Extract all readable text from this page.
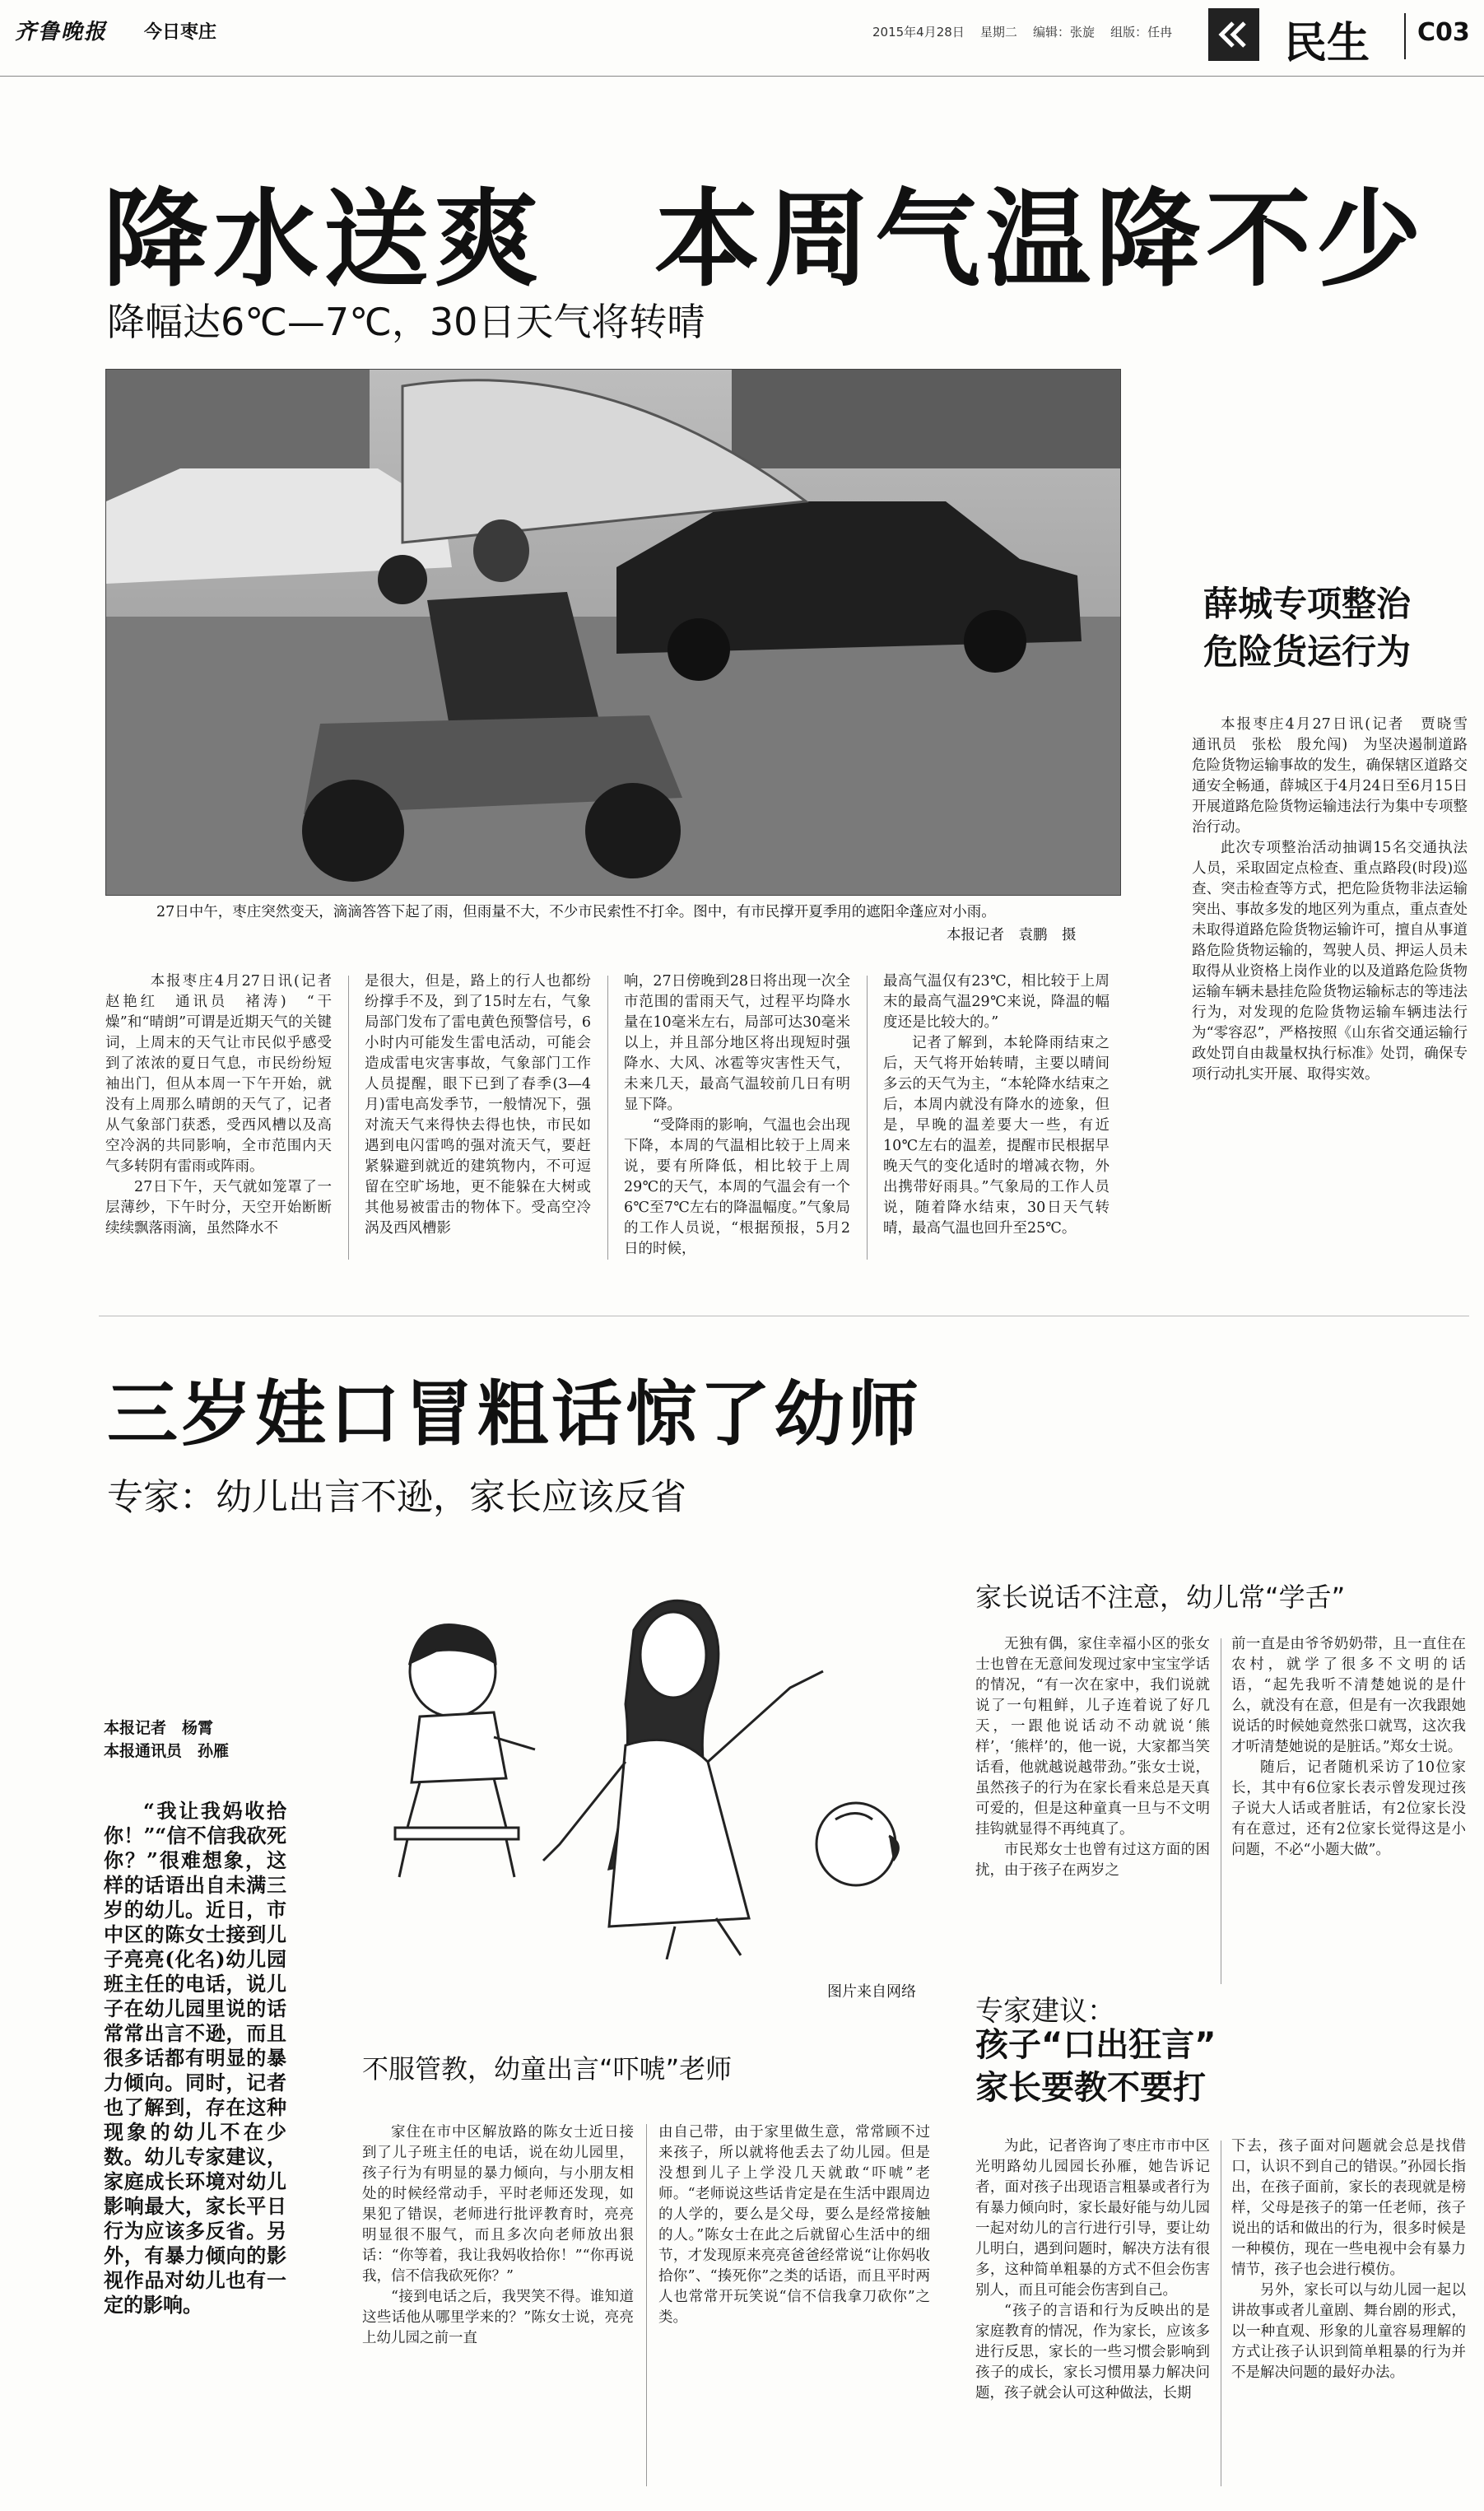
齐鲁晚报 今日枣庄	2015年4月28日 星期二 编辑：张旋 组版：任冉	民生 C03
降水送爽　本周气温降不少
降幅达6℃—7℃，30日天气将转晴
27日中午，枣庄突然变天，滴滴答答下起了雨，但雨量不大，不少市民索性不打伞。图中，有市民撑开夏季用的遮阳伞蓬应对小雨。
本报记者　袁鹏　摄

　本报枣庄4月27日讯(记者　赵艳红　通讯员　褚涛)　“干燥”和“晴朗”可谓是近期天气的关键词，上周末的天气让市民似乎感受到了浓浓的夏日气息，市民纷纷短袖出门，但从本周一下午开始，就没有上周那么晴朗的天气了，记者从气象部门获悉，受西风槽以及高空冷涡的共同影响，全市范围内天气多转阴有雷雨或阵雨。

27日下午，天气就如笼罩了一层薄纱，下午时分，天空开始断断续续飘落雨滴，虽然降水不

是很大，但是，路上的行人也都纷纷撑手不及，到了15时左右，气象局部门发布了雷电黄色预警信号，6小时内可能发生雷电活动，可能会造成雷电灾害事故，气象部门工作人员提醒，眼下已到了春季(3—4月)雷电高发季节，一般情况下，强对流天气来得快去得也快，市民如遇到电闪雷鸣的强对流天气，要赶紧躲避到就近的建筑物内，不可逗留在空旷场地，更不能躲在大树或其他易被雷击的物体下。受高空冷涡及西风槽影

响，27日傍晚到28日将出现一次全市范围的雷雨天气，过程平均降水量在10毫米左右，局部可达30毫米以上，并且部分地区将出现短时强降水、大风、冰雹等灾害性天气，未来几天，最高气温较前几日有明显下降。

“受降雨的影响，气温也会出现下降，本周的气温相比较于上周来说，要有所降低，相比较于上周29℃的天气，本周的气温会有一个6℃至7℃左右的降温幅度。”气象局的工作人员说，“根据预报，5月2日的时候，

最高气温仅有23℃，相比较于上周末的最高气温29℃来说，降温的幅度还是比较大的。”

记者了解到，本轮降雨结束之后，天气将开始转晴，主要以晴间多云的天气为主，“本轮降水结束之后，本周内就没有降水的迹象，但是，早晚的温差要大一些，有近10℃左右的温差，提醒市民根据早晚天气的变化适时的增减衣物，外出携带好雨具。”气象局的工作人员说，随着降水结束，30日天气转晴，最高气温也回升至25℃。

薛城专项整治
危险货运行为

本报枣庄4月27日讯(记者　贾晓雪　通讯员　张松　殷允闯)　为坚决遏制道路危险货物运输事故的发生，确保辖区道路交通安全畅通，薛城区于4月24日至6月15日开展道路危险货物运输违法行为集中专项整治行动。

此次专项整治活动抽调15名交通执法人员，采取固定点检查、重点路段(时段)巡查、突击检查等方式，把危险货物非法运输突出、事故多发的地区列为重点，重点查处未取得道路危险货物运输许可，擅自从事道路危险货物运输的，驾驶人员、押运人员未取得从业资格上岗作业的以及道路危险货物运输车辆未悬挂危险货物运输标志的等违法行为，对发现的危险货物运输车辆违法行为“零容忍”，严格按照《山东省交通运输行政处罚自由裁量权执行标准》处罚，确保专项行动扎实开展、取得实效。

三岁娃口冒粗话惊了幼师
专家：幼儿出言不逊，家长应该反省
本报记者　杨霄
本报通讯员　孙雁

“我让我妈收拾你！”“信不信我砍死你？”很难想象，这样的话语出自未满三岁的幼儿。近日，市中区的陈女士接到儿子亮亮(化名)幼儿园班主任的电话，说儿子在幼儿园里说的话常常出言不逊，而且很多话都有明显的暴力倾向。同时，记者也了解到，存在这种现象的幼儿不在少数。幼儿专家建议，家庭成长环境对幼儿影响最大，家长平日行为应该多反省。另外，有暴力倾向的影视作品对幼儿也有一定的影响。

图片来自网络
不服管教，幼童出言“吓唬”老师

家住在市中区解放路的陈女士近日接到了儿子班主任的电话，说在幼儿园里，孩子行为有明显的暴力倾向，与小朋友相处的时候经常动手，平时老师还发现，如果犯了错误，老师进行批评教育时，亮亮明显很不服气，而且多次向老师放出狠话：“你等着，我让我妈收拾你！”“你再说我，信不信我砍死你？”

“接到电话之后，我哭笑不得。谁知道这些话他从哪里学来的？”陈女士说，亮亮上幼儿园之前一直

由自己带，由于家里做生意，常常顾不过来孩子，所以就将他丢去了幼儿园。但是没想到儿子上学没几天就敢“吓唬”老师。“老师说这些话肯定是在生活中跟周边的人学的，要么是父母，要么是经常接触的人。”陈女士在此之后就留心生活中的细节，才发现原来亮亮爸爸经常说“让你妈收拾你”、“揍死你”之类的话语，而且平时两人也常常开玩笑说“信不信我拿刀砍你”之类。

家长说话不注意，幼儿常“学舌”

无独有偶，家住幸福小区的张女士也曾在无意间发现过家中宝宝学话的情况，“有一次在家中，我们说就说了一句粗鲜，儿子连着说了好几天，一跟他说话动不动就说‘熊样’，‘熊样’的，他一说，大家都当笑话看，他就越说越带劲。”张女士说，虽然孩子的行为在家长看来总是天真可爱的，但是这种童真一旦与不文明挂钩就显得不再纯真了。

市民郑女士也曾有过这方面的困扰，由于孩子在两岁之

前一直是由爷爷奶奶带，且一直住在农村，就学了很多不文明的话语，“起先我听不清楚她说的是什么，就没有在意，但是有一次我跟她说话的时候她竟然张口就骂，这次我才听清楚她说的是脏话。”郑女士说。

随后，记者随机采访了10位家长，其中有6位家长表示曾发现过孩子说大人话或者脏话，有2位家长没有在意过，还有2位家长觉得这是小问题，不必“小题大做”。

专家建议：
孩子“口出狂言”
家长要教不要打

为此，记者咨询了枣庄市市中区光明路幼儿园园长孙雁，她告诉记者，面对孩子出现语言粗暴或者行为有暴力倾向时，家长最好能与幼儿园一起对幼儿的言行进行引导，要让幼儿明白，遇到问题时，解决方法有很多，这种简单粗暴的方式不但会伤害别人，而且可能会伤害到自己。

“孩子的言语和行为反映出的是家庭教育的情况，作为家长，应该多进行反思，家长的一些习惯会影响到孩子的成长，家长习惯用暴力解决问题，孩子就会认可这种做法，长期

下去，孩子面对问题就会总是找借口，认识不到自己的错误。”孙园长指出，在孩子面前，家长的表现就是榜样，父母是孩子的第一任老师，孩子说出的话和做出的行为，很多时候是一种模仿，现在一些电视中会有暴力情节，孩子也会进行模仿。

另外，家长可以与幼儿园一起以讲故事或者儿童剧、舞台剧的形式，以一种直观、形象的儿童容易理解的方式让孩子认识到简单粗暴的行为并不是解决问题的最好办法。
